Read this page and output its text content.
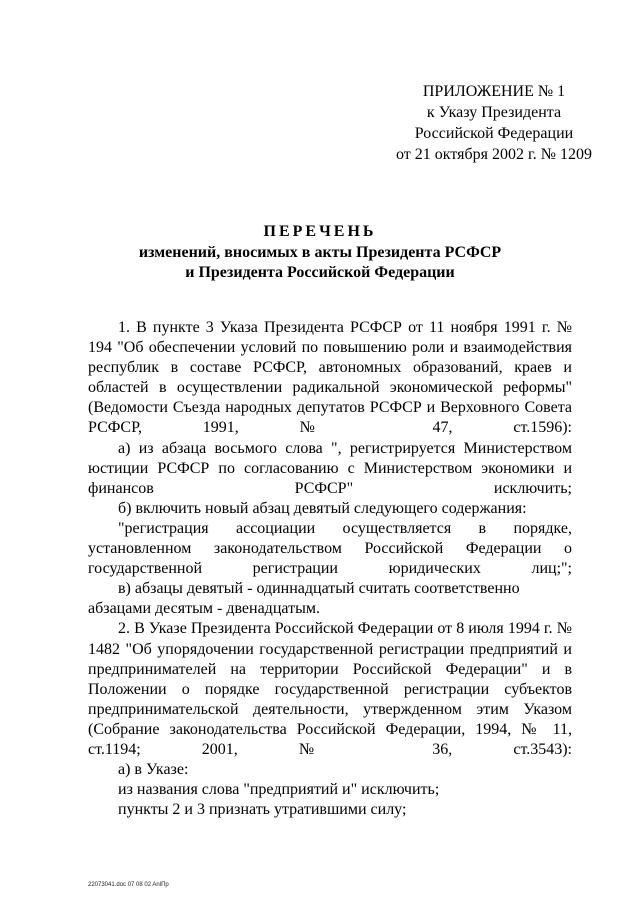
ПРИЛОЖЕНИЕ № 1
к Указу Президента
Российской Федерации
от 21 октября 2002 г. № 1209
ПЕРЕЧЕНЬ
изменений, вносимых в акты Президента РСФСР
и Президента Российской Федерации

1. В пункте 3 Указа Президента РСФСР от 11 ноября 1991 г. № 194 "Об обеспечении условий по повышению роли и взаимодействия республик в составе РСФСР, автономных образований, краев и областей в осуществлении радикальной экономической реформы" (Ведомости Съезда народных депутатов РСФСР и Верховного Совета РСФСР, 1991, № 47, ст.1596):

а) из абзаца восьмого слова ", регистрируется Министерством юстиции РСФСР по согласованию с Министерством экономики и финансов РСФСР" исключить;

б) включить новый абзац девятый следующего содержания:

"регистрация ассоциации осуществляется в порядке, установленном законодательством Российской Федерации о государственной регистрации юридических лиц;";

в) абзацы девятый - одиннадцатый считать соответственно абзацами десятым - двенадцатым.

2. В Указе Президента Российской Федерации от 8 июля 1994 г. № 1482 "Об упорядочении государственной регистрации предприятий и предпринимателей на территории Российской Федерации" и в Положении о порядке государственной регистрации субъектов предпринимательской деятельности, утвержденном этим Указом (Собрание законодательства Российской Федерации, 1994, № 11, ст.1194; 2001, № 36, ст.3543):

а) в Указе:

из названия слова "предприятий и" исключить;

пункты 2 и 3 признать утратившими силу;

22073041.doc 07 08 02 AnlПр
